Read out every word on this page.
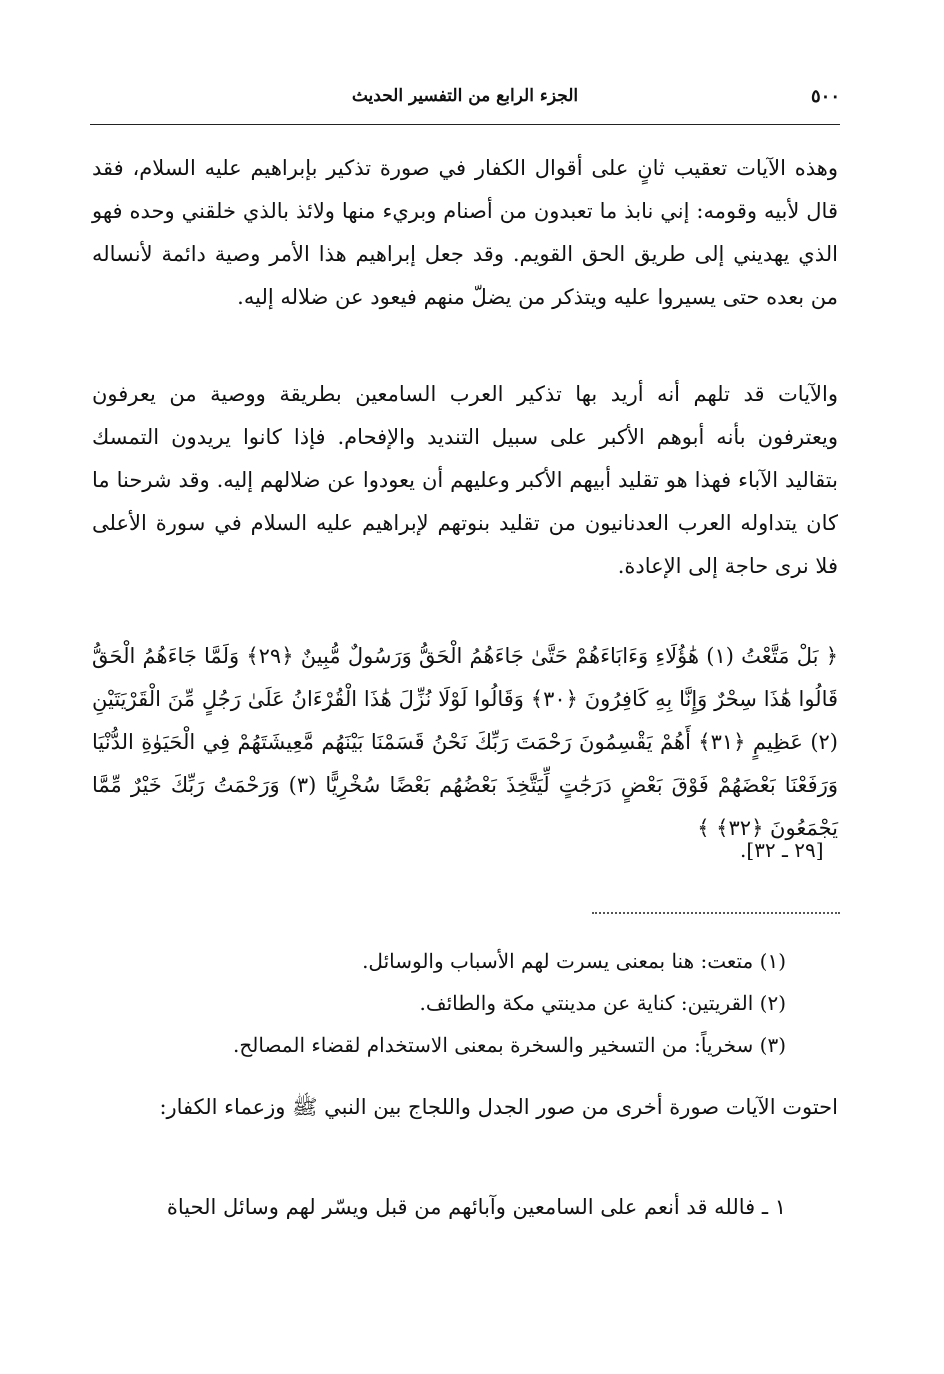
٥٠٠
الجزء الرابع من التفسير الحديث
وهذه الآيات تعقيب ثانٍ على أقوال الكفار في صورة تذكير بإبراهيم عليه السلام، فقد قال لأبيه وقومه: إني نابذ ما تعبدون من أصنام وبريء منها ولائذ بالذي خلقني وحده فهو الذي يهديني إلى طريق الحق القويم. وقد جعل إبراهيم هذا الأمر وصية دائمة لأنساله من بعده حتى يسيروا عليه ويتذكر من يضلّ منهم فيعود عن ضلاله إليه.
والآيات قد تلهم أنه أريد بها تذكير العرب السامعين بطريقة ووصية من يعرفون ويعترفون بأنه أبوهم الأكبر على سبيل التنديد والإفحام. فإذا كانوا يريدون التمسك بتقاليد الآباء فهذا هو تقليد أبيهم الأكبر وعليهم أن يعودوا عن ضلالهم إليه. وقد شرحنا ما كان يتداوله العرب العدنانيون من تقليد بنوتهم لإبراهيم عليه السلام في سورة الأعلى فلا نرى حاجة إلى الإعادة.
﴿ بَلْ مَتَّعْتُ (١) هَٰؤُلَاءِ وَءَابَاءَهُمْ حَتَّىٰ جَاءَهُمُ الْحَقُّ وَرَسُولٌ مُّبِينٌ ﴿٢٩﴾ وَلَمَّا جَاءَهُمُ الْحَقُّ قَالُوا هَٰذَا سِحْرٌ وَإِنَّا بِهِ كَافِرُونَ ﴿٣٠﴾ وَقَالُوا لَوْلَا نُزِّلَ هَٰذَا الْقُرْءَانُ عَلَىٰ رَجُلٍ مِّنَ الْقَرْيَتَيْنِ (٢) عَظِيمٍ ﴿٣١﴾ أَهُمْ يَقْسِمُونَ رَحْمَتَ رَبِّكَ نَحْنُ قَسَمْنَا بَيْنَهُم مَّعِيشَتَهُمْ فِي الْحَيَوٰةِ الدُّنْيَا وَرَفَعْنَا بَعْضَهُمْ فَوْقَ بَعْضٍ دَرَجَٰتٍ لِّيَتَّخِذَ بَعْضُهُم بَعْضًا سُخْرِيًّا (٣) وَرَحْمَتُ رَبِّكَ خَيْرٌ مِّمَّا يَجْمَعُونَ ﴿٣٢﴾ ﴾
.[٢٩ ـ ٣٢]
(١) متعت: هنا بمعنى يسرت لهم الأسباب والوسائل.
(٢) القريتين: كناية عن مدينتي مكة والطائف.
(٣) سخرياً: من التسخير والسخرة بمعنى الاستخدام لقضاء المصالح.
احتوت الآيات صورة أخرى من صور الجدل واللجاج بين النبي ﷺ وزعماء الكفار:
١ ـ فالله قد أنعم على السامعين وآبائهم من قبل ويسّر لهم وسائل الحياة
